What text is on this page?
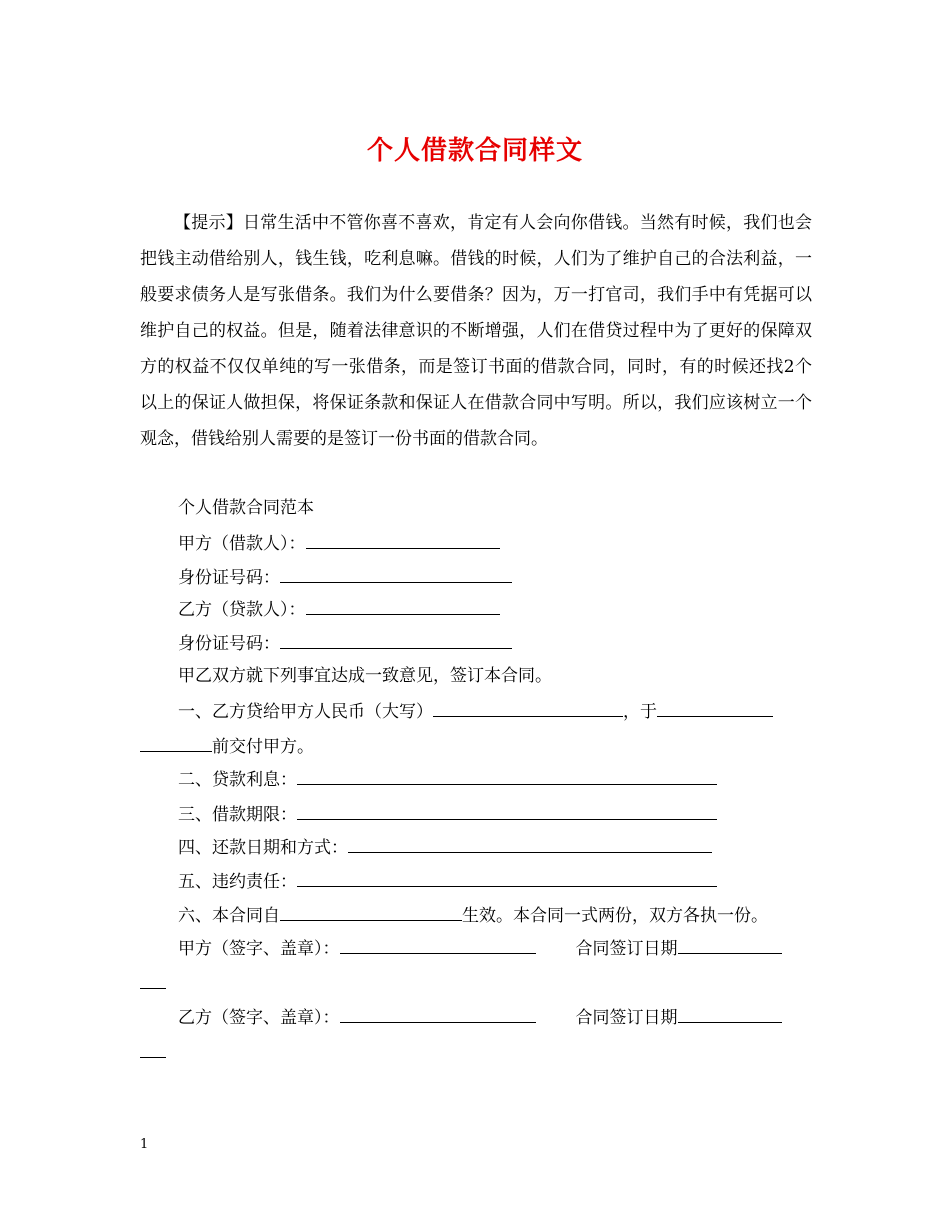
个人借款合同样文

【提示】日常生活中不管你喜不喜欢，肯定有人会向你借钱。当然有时候，我们也会把钱主动借给别人，钱生钱，吃利息嘛。借钱的时候，人们为了维护自己的合法利益，一般要求债务人是写张借条。我们为什么要借条？因为，万一打官司，我们手中有凭据可以维护自己的权益。但是，随着法律意识的不断增强，人们在借贷过程中为了更好的保障双方的权益不仅仅单纯的写一张借条，而是签订书面的借款合同，同时，有的时候还找2个以上的保证人做担保，将保证条款和保证人在借款合同中写明。所以，我们应该树立一个观念，借钱给别人需要的是签订一份书面的借款合同。

个人借款合同范本
甲方（借款人）：
身份证号码：
乙方（贷款人）：
身份证号码：
甲乙双方就下列事宜达成一致意见，签订本合同。
一、乙方贷给甲方人民币（大写）	，于
前交付甲方。
二、贷款利息：
三、借款期限：
四、还款日期和方式：
五、违约责任：
六、本合同自	生效。本合同一式两份，双方各执一份。
甲方（签字、盖章）：	合同签订日期
乙方（签字、盖章）：	合同签订日期
1
